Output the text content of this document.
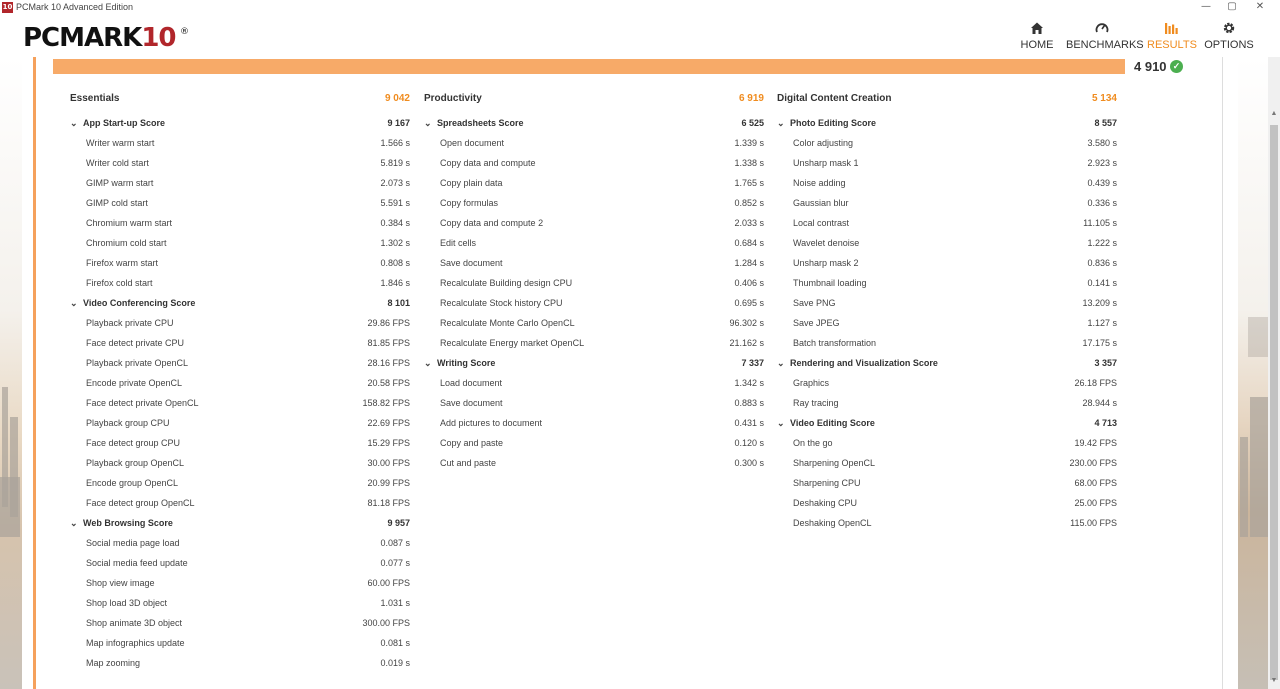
10 PCMark 10 Advanced Edition	—	▢	✕
PCMARK10 ®
HOME	BENCHMARKS RESULTS OPTIONS
4 910 ✓
Essentials	9 042
⌄ App Start-up Score	9 167
Writer warm start	1.566 s
Writer cold start	5.819 s
GIMP warm start	2.073 s
GIMP cold start	5.591 s
Chromium warm start	0.384 s
Chromium cold start	1.302 s
Firefox warm start	0.808 s
Firefox cold start	1.846 s
⌄ Video Conferencing Score	8 101
Playback private CPU	29.86 FPS
Face detect private CPU	81.85 FPS
Playback private OpenCL	28.16 FPS
Encode private OpenCL	20.58 FPS
Face detect private OpenCL	158.82 FPS
Playback group CPU	22.69 FPS
Face detect group CPU	15.29 FPS
Playback group OpenCL	30.00 FPS
Encode group OpenCL	20.99 FPS
Face detect group OpenCL	81.18 FPS
⌄ Web Browsing Score	9 957
Social media page load	0.087 s
Social media feed update	0.077 s
Shop view image	60.00 FPS
Shop load 3D object	1.031 s
Shop animate 3D object	300.00 FPS
Map infographics update	0.081 s
Map zooming	0.019 s
Productivity	6 919
⌄ Spreadsheets Score	6 525
Open document	1.339 s
Copy data and compute	1.338 s
Copy plain data	1.765 s
Copy formulas	0.852 s
Copy data and compute 2	2.033 s
Edit cells	0.684 s
Save document	1.284 s
Recalculate Building design CPU	0.406 s
Recalculate Stock history CPU	0.695 s
Recalculate Monte Carlo OpenCL	96.302 s
Recalculate Energy market OpenCL	21.162 s
⌄ Writing Score	7 337
Load document	1.342 s
Save document	0.883 s
Add pictures to document	0.431 s
Copy and paste	0.120 s
Cut and paste	0.300 s
Digital Content Creation	5 134
⌄ Photo Editing Score	8 557
Color adjusting	3.580 s
Unsharp mask 1	2.923 s
Noise adding	0.439 s
Gaussian blur	0.336 s
Local contrast	11.105 s
Wavelet denoise	1.222 s
Unsharp mask 2	0.836 s
Thumbnail loading	0.141 s
Save PNG	13.209 s
Save JPEG	1.127 s
Batch transformation	17.175 s
⌄ Rendering and Visualization Score	3 357
Graphics	26.18 FPS
Ray tracing	28.944 s
⌄ Video Editing Score	4 713
On the go	19.42 FPS
Sharpening OpenCL	230.00 FPS
Sharpening CPU	68.00 FPS
Deshaking CPU	25.00 FPS
Deshaking OpenCL	115.00 FPS
▲
▼
